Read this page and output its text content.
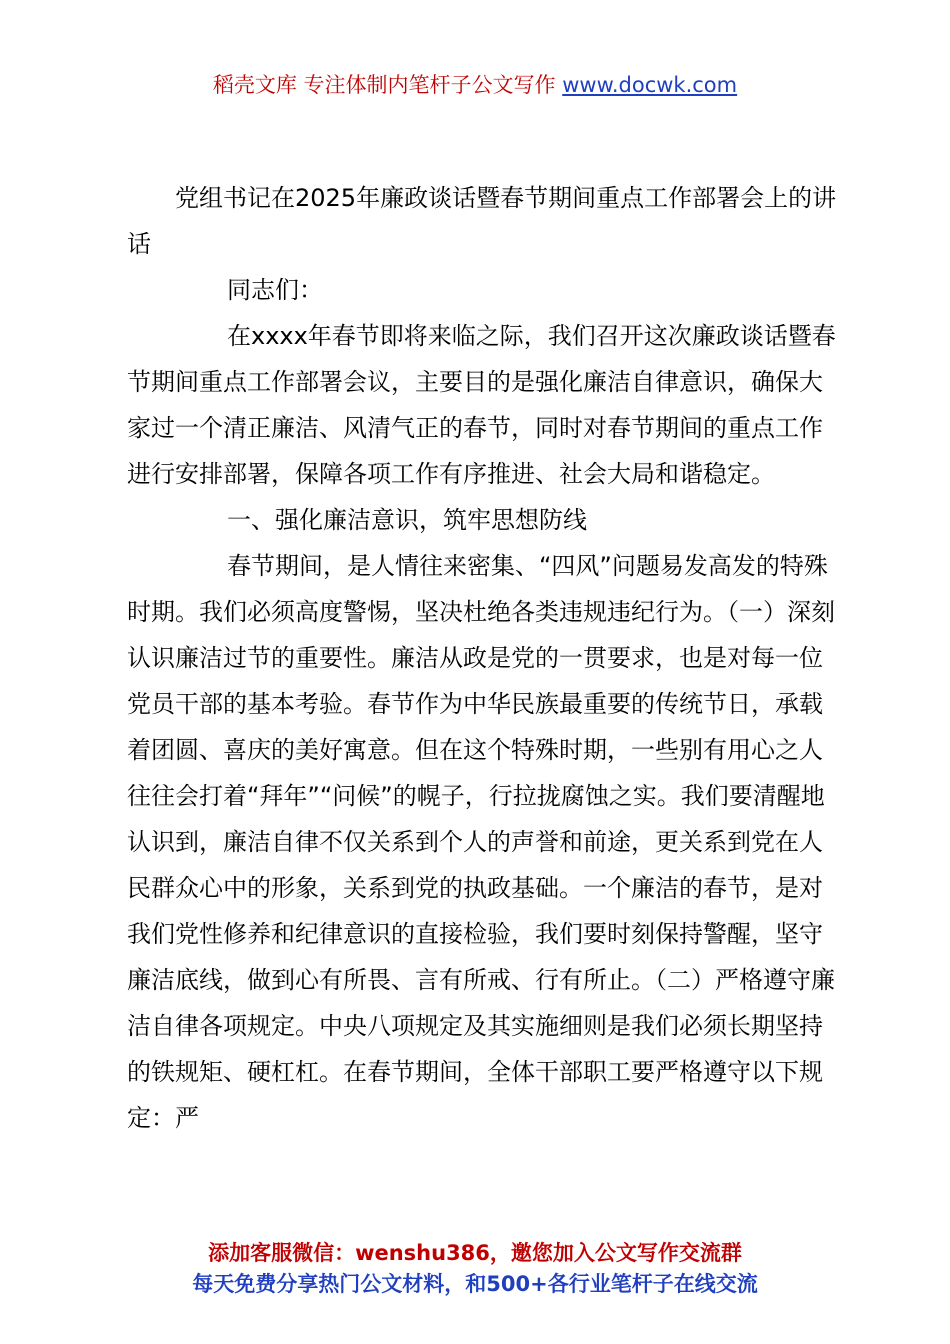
稻壳文库 专注体制内笔杆子公文写作 www.docwk.com

党组书记在2025年廉政谈话暨春节期间重点工作部署会上的讲话

同志们：

在xxxx年春节即将来临之际，我们召开这次廉政谈话暨春节期间重点工作部署会议，主要目的是强化廉洁自律意识，确保大家过一个清正廉洁、风清气正的春节，同时对春节期间的重点工作进行安排部署，保障各项工作有序推进、社会大局和谐稳定。

一、强化廉洁意识，筑牢思想防线

春节期间，是人情往来密集、“四风”问题易发高发的特殊时期。我们必须高度警惕，坚决杜绝各类违规违纪行为。（一）深刻认识廉洁过节的重要性。廉洁从政是党的一贯要求，也是对每一位党员干部的基本考验。春节作为中华民族最重要的传统节日，承载着团圆、喜庆的美好寓意。但在这个特殊时期，一些别有用心之人往往会打着“拜年”“问候”的幌子，行拉拢腐蚀之实。我们要清醒地认识到，廉洁自律不仅关系到个人的声誉和前途，更关系到党在人民群众心中的形象，关系到党的执政基础。一个廉洁的春节，是对我们党性修养和纪律意识的直接检验，我们要时刻保持警醒，坚守廉洁底线，做到心有所畏、言有所戒、行有所止。（二）严格遵守廉洁自律各项规定。中央八项规定及其实施细则是我们必须长期坚持的铁规矩、硬杠杠。在春节期间，全体干部职工要严格遵守以下规定：严

添加客服微信：wenshu386，邀您加入公文写作交流群
每天免费分享热门公文材料，和500+各行业笔杆子在线交流
